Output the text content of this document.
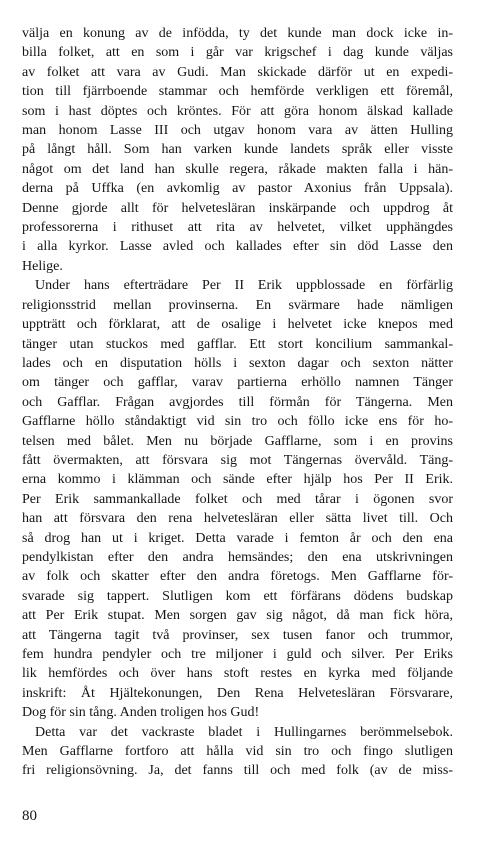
välja en konung av de infödda, ty det kunde man dock icke in-
billa folket, att en som i går var krigschef i dag kunde väljas
av folket att vara av Gudi. Man skickade därför ut en expedi-
tion till fjärrboende stammar och hemförde verkligen ett föremål,
som i hast döptes och kröntes. För att göra honom älskad kallade
man honom Lasse III och utgav honom vara av ätten Hulling
på långt håll. Som han varken kunde landets språk eller visste
något om det land han skulle regera, råkade makten falla i hän-
derna på Uffka (en avkomlig av pastor Axonius från Uppsala).
Denne gjorde allt för helvetesläran inskärpande och uppdrog åt
professorerna i rithuset att rita av helvetet, vilket upphängdes
i alla kyrkor. Lasse avled och kallades efter sin död Lasse den
Helige.
Under hans efterträdare Per II Erik uppblossade en förfärlig
religionsstrid mellan provinserna. En svärmare hade nämligen
uppträtt och förklarat, att de osalige i helvetet icke knepos med
tänger utan stuckos med gafflar. Ett stort koncilium sammankal-
lades och en disputation hölls i sexton dagar och sexton nätter
om tänger och gafflar, varav partierna erhöllo namnen Tänger
och Gafflar. Frågan avgjordes till förmån för Tängerna. Men
Gafflarne höllo ståndaktigt vid sin tro och föllo icke ens för ho-
telsen med bålet. Men nu började Gafflarne, som i en provins
fått övermakten, att försvara sig mot Tängernas övervåld. Täng-
erna kommo i klämman och sände efter hjälp hos Per II Erik.
Per Erik sammankallade folket och med tårar i ögonen svor
han att försvara den rena helvetesläran eller sätta livet till. Och
så drog han ut i kriget. Detta varade i femton år och den ena
pendylkistan efter den andra hemsändes; den ena utskrivningen
av folk och skatter efter den andra företogs. Men Gafflarne för-
svarade sig tappert. Slutligen kom ett förfärans dödens budskap
att Per Erik stupat. Men sorgen gav sig något, då man fick höra,
att Tängerna tagit två provinser, sex tusen fanor och trummor,
fem hundra pendyler och tre miljoner i guld och silver. Per Eriks
lik hemfördes och över hans stoft restes en kyrka med följande
inskrift: Åt Hjältekonungen, Den Rena Helvetesläran Försvarare,
Dog för sin tång. Anden troligen hos Gud!
Detta var det vackraste bladet i Hullingarnes berömmelsebok.
Men Gafflarne fortforo att hålla vid sin tro och fingo slutligen
fri religionsövning. Ja, det fanns till och med folk (av de miss-
80
